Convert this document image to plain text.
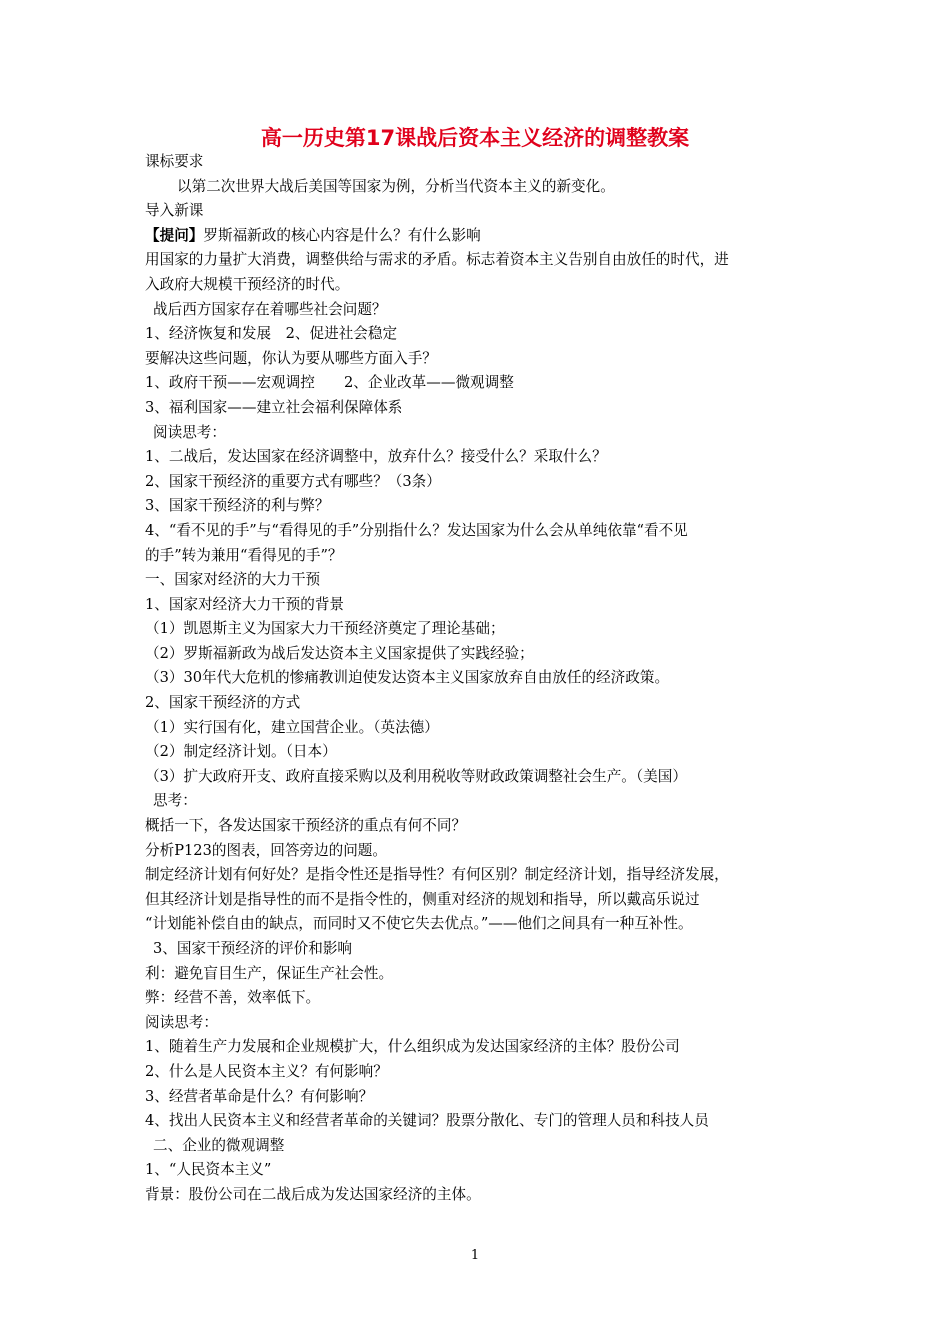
高一历史第17课战后资本主义经济的调整教案
课标要求
以第二次世界大战后美国等国家为例，分析当代资本主义的新变化。
导入新课
【提问】罗斯福新政的核心内容是什么？有什么影响
用国家的力量扩大消费，调整供给与需求的矛盾。标志着资本主义告别自由放任的时代，进
入政府大规模干预经济的时代。
战后西方国家存在着哪些社会问题？
1、经济恢复和发展　2、促进社会稳定
要解决这些问题，你认为要从哪些方面入手？
1、政府干预——宏观调控　　2、企业改革——微观调整
3、福利国家——建立社会福利保障体系
阅读思考：
1、二战后，发达国家在经济调整中，放弃什么？接受什么？采取什么？
2、国家干预经济的重要方式有哪些？（3条）
3、国家干预经济的利与弊？
4、“看不见的手”与“看得见的手”分别指什么？发达国家为什么会从单纯依靠“看不见
的手”转为兼用“看得见的手”？
一、国家对经济的大力干预
1、国家对经济大力干预的背景
（1）凯恩斯主义为国家大力干预经济奠定了理论基础；
（2）罗斯福新政为战后发达资本主义国家提供了实践经验；
（3）30年代大危机的惨痛教训迫使发达资本主义国家放弃自由放任的经济政策。
2、国家干预经济的方式
（1）实行国有化，建立国营企业。（英法德）
（2）制定经济计划。（日本）
（3）扩大政府开支、政府直接采购以及利用税收等财政政策调整社会生产。（美国）
思考：
概括一下，各发达国家干预经济的重点有何不同？
分析P123的图表，回答旁边的问题。
制定经济计划有何好处？是指令性还是指导性？有何区别？制定经济计划，指导经济发展，
但其经济计划是指导性的而不是指令性的，侧重对经济的规划和指导，所以戴高乐说过
“计划能补偿自由的缺点，而同时又不使它失去优点。”——他们之间具有一种互补性。
3、国家干预经济的评价和影响
利：避免盲目生产，保证生产社会性。
弊：经营不善，效率低下。
阅读思考：
1、随着生产力发展和企业规模扩大，什么组织成为发达国家经济的主体？股份公司
2、什么是人民资本主义？有何影响？
3、经营者革命是什么？有何影响？
4、找出人民资本主义和经营者革命的关键词？股票分散化、专门的管理人员和科技人员
二、企业的微观调整
1、“人民资本主义”
背景：股份公司在二战后成为发达国家经济的主体。
1
